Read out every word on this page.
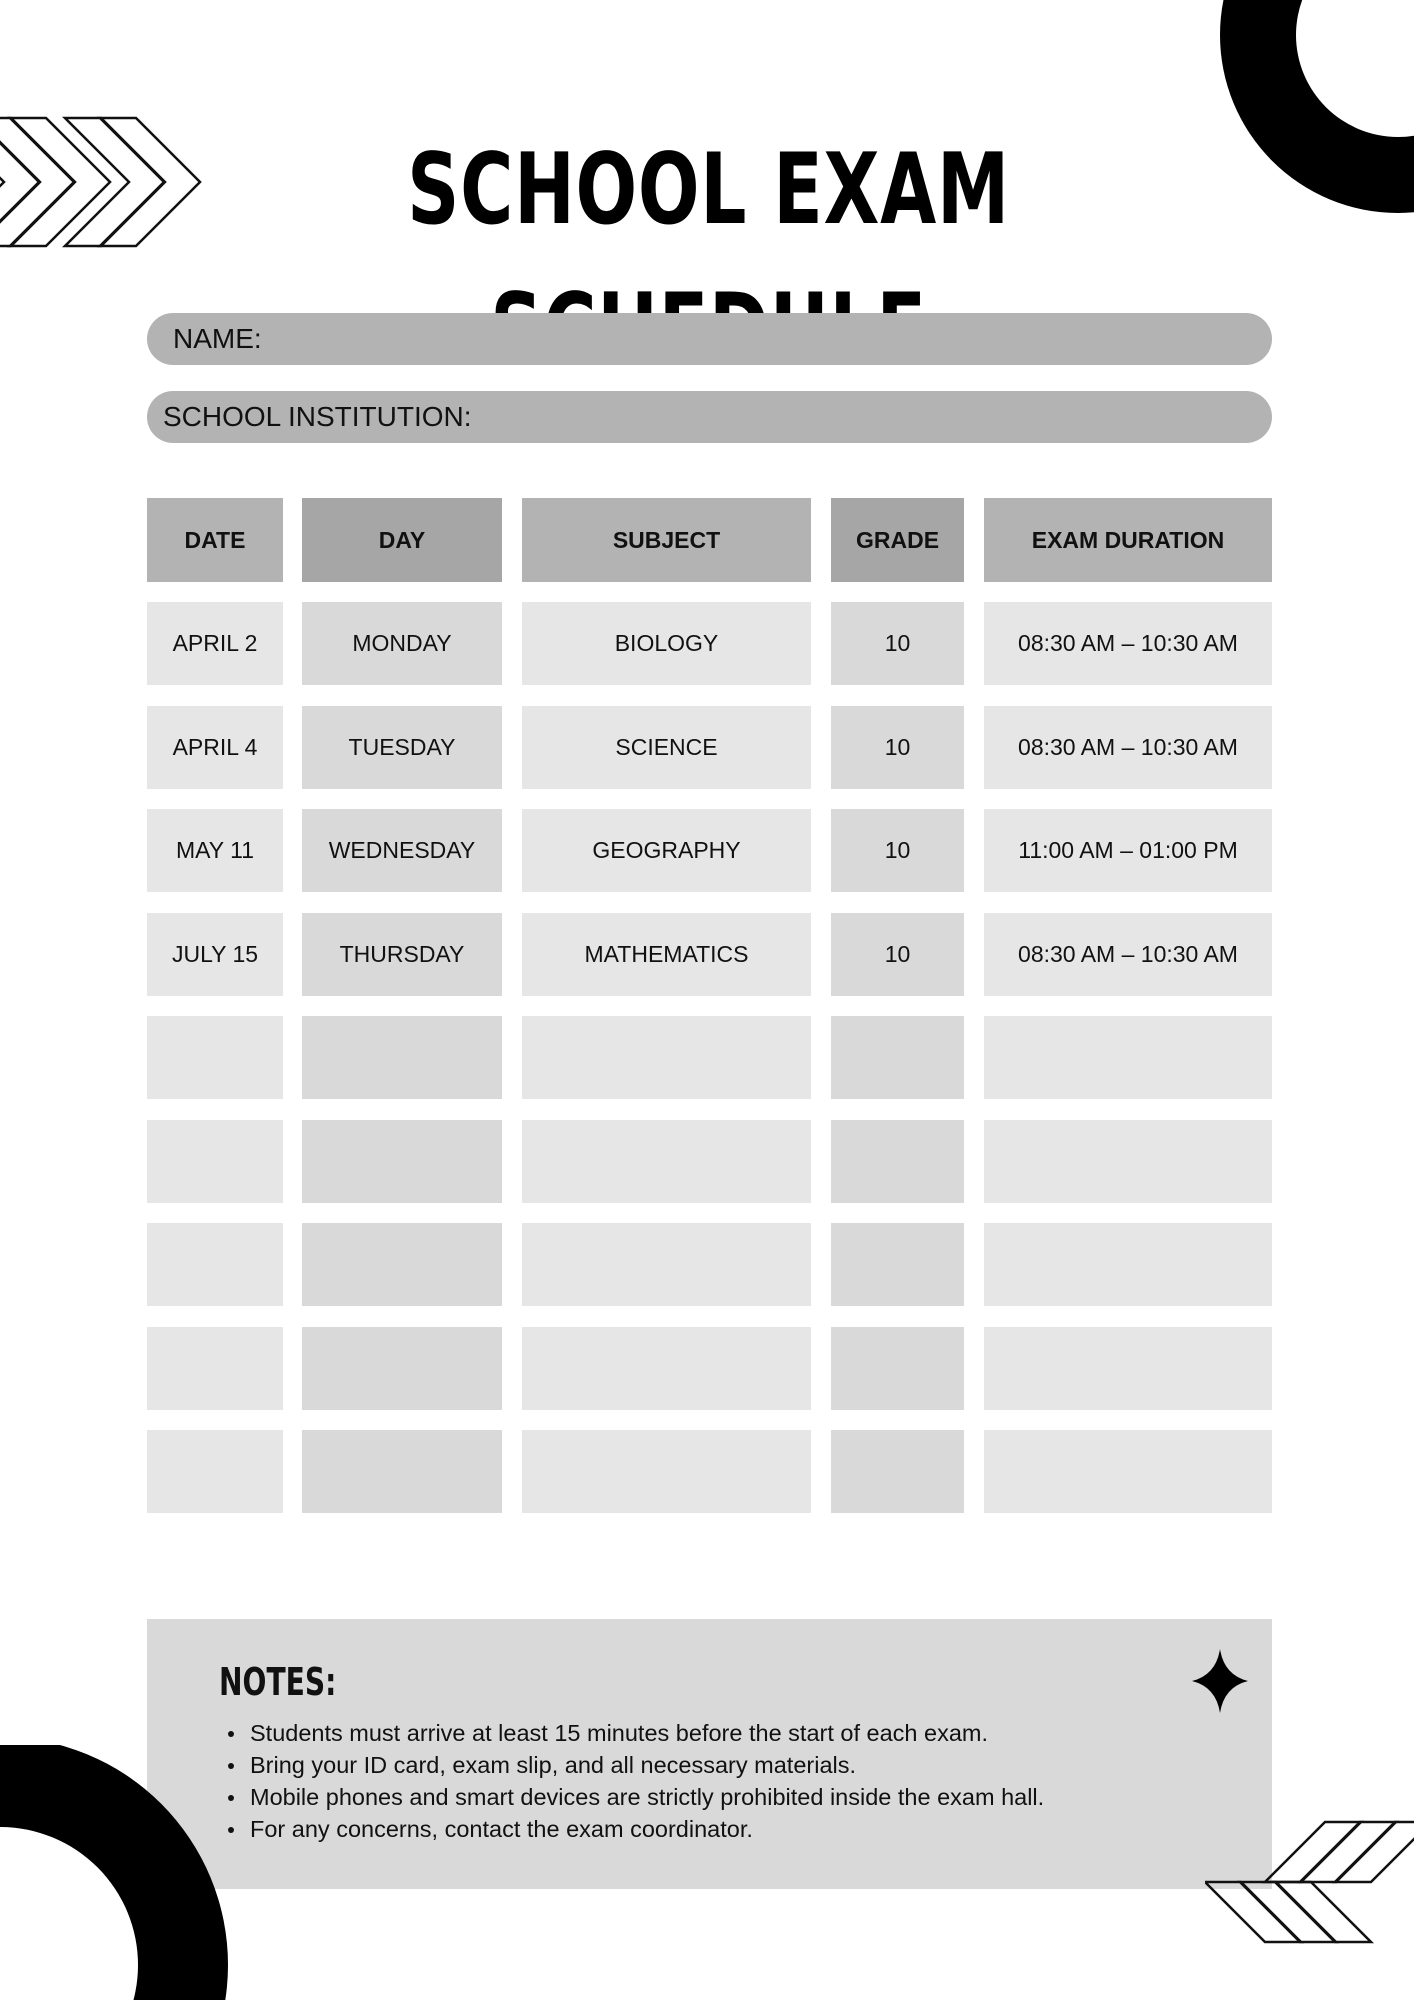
SCHOOL EXAM
NAME:
SCHOOL INSTITUTION:
DATE	DAY	SUBJECT	GRADE	EXAM DURATION
APRIL 2	MONDAY	BIOLOGY	10	08:30 AM – 10:30 AM
APRIL 4	TUESDAY	SCIENCE	10	08:30 AM – 10:30 AM
MAY 11	WEDNESDAY	GEOGRAPHY	10	11:00 AM – 01:00 PM
JULY 15	THURSDAY	MATHEMATICS	10	08:30 AM – 10:30 AM
NOTES:
Students must arrive at least 15 minutes before the start of each exam.
Bring your ID card, exam slip, and all necessary materials.
Mobile phones and smart devices are strictly prohibited inside the exam hall.
For any concerns, contact the exam coordinator.
